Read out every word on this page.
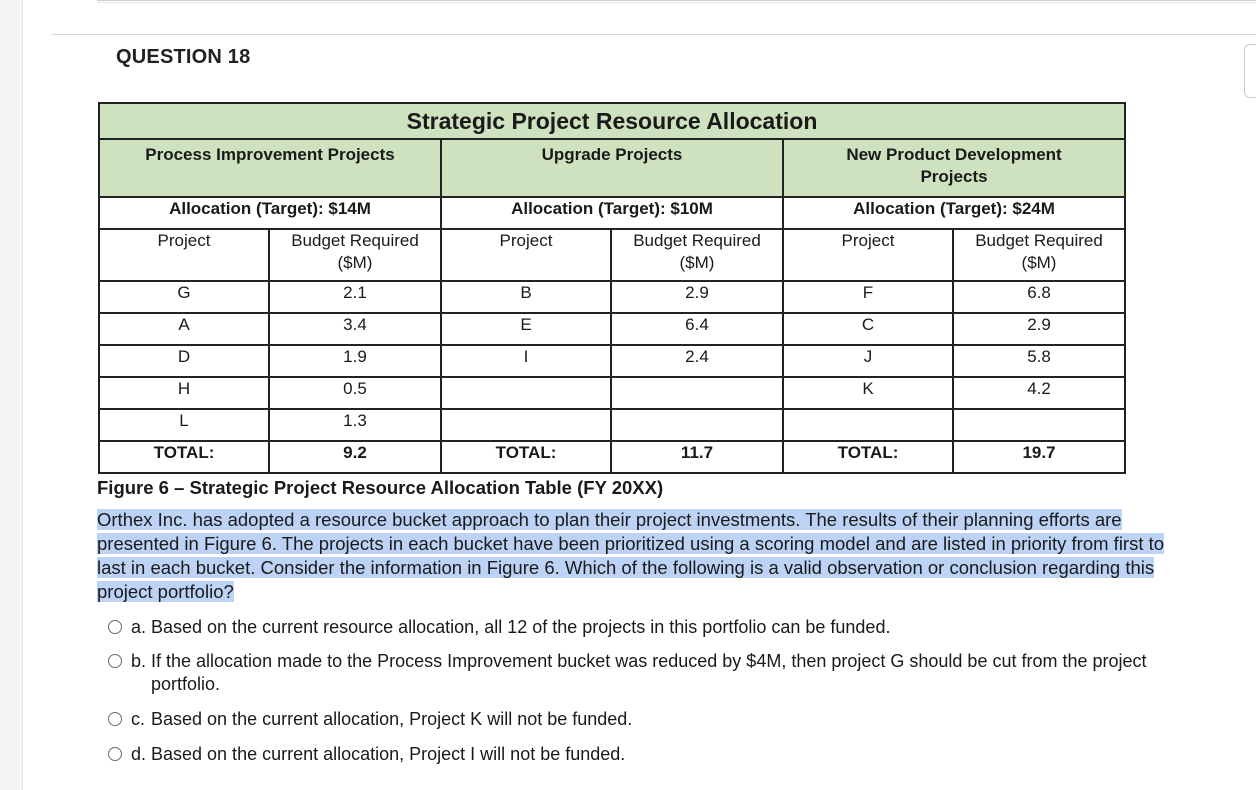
QUESTION 18
Strategic Project Resource Allocation					
Process Improvement Projects		Upgrade Projects		New Product Development Projects	
Allocation (Target): $14M		Allocation (Target): $10M		Allocation (Target): $24M	
Project	Budget Required ($M)	Project	Budget Required ($M)	Project	Budget Required ($M)
G	2.1	B	2.9	F	6.8
A	3.4	E	6.4	C	2.9
D	1.9	I	2.4	J	5.8
H	0.5			K	4.2
L	1.3				
TOTAL:	9.2	TOTAL:	11.7	TOTAL:	19.7
Figure 6 – Strategic Project Resource Allocation Table (FY 20XX)
Orthex Inc. has adopted a resource bucket approach to plan their project investments. The results of their planning efforts are presented in Figure 6. The projects in each bucket have been prioritized using a scoring model and are listed in priority from first to last in each bucket. Consider the information in Figure 6. Which of the following is a valid observation or conclusion regarding this project portfolio?
a. Based on the current resource allocation, all 12 of the projects in this portfolio can be funded.
b. If the allocation made to the Process Improvement bucket was reduced by $4M, then project G should be cut from the project portfolio.
c. Based on the current allocation, Project K will not be funded.
d. Based on the current allocation, Project I will not be funded.
